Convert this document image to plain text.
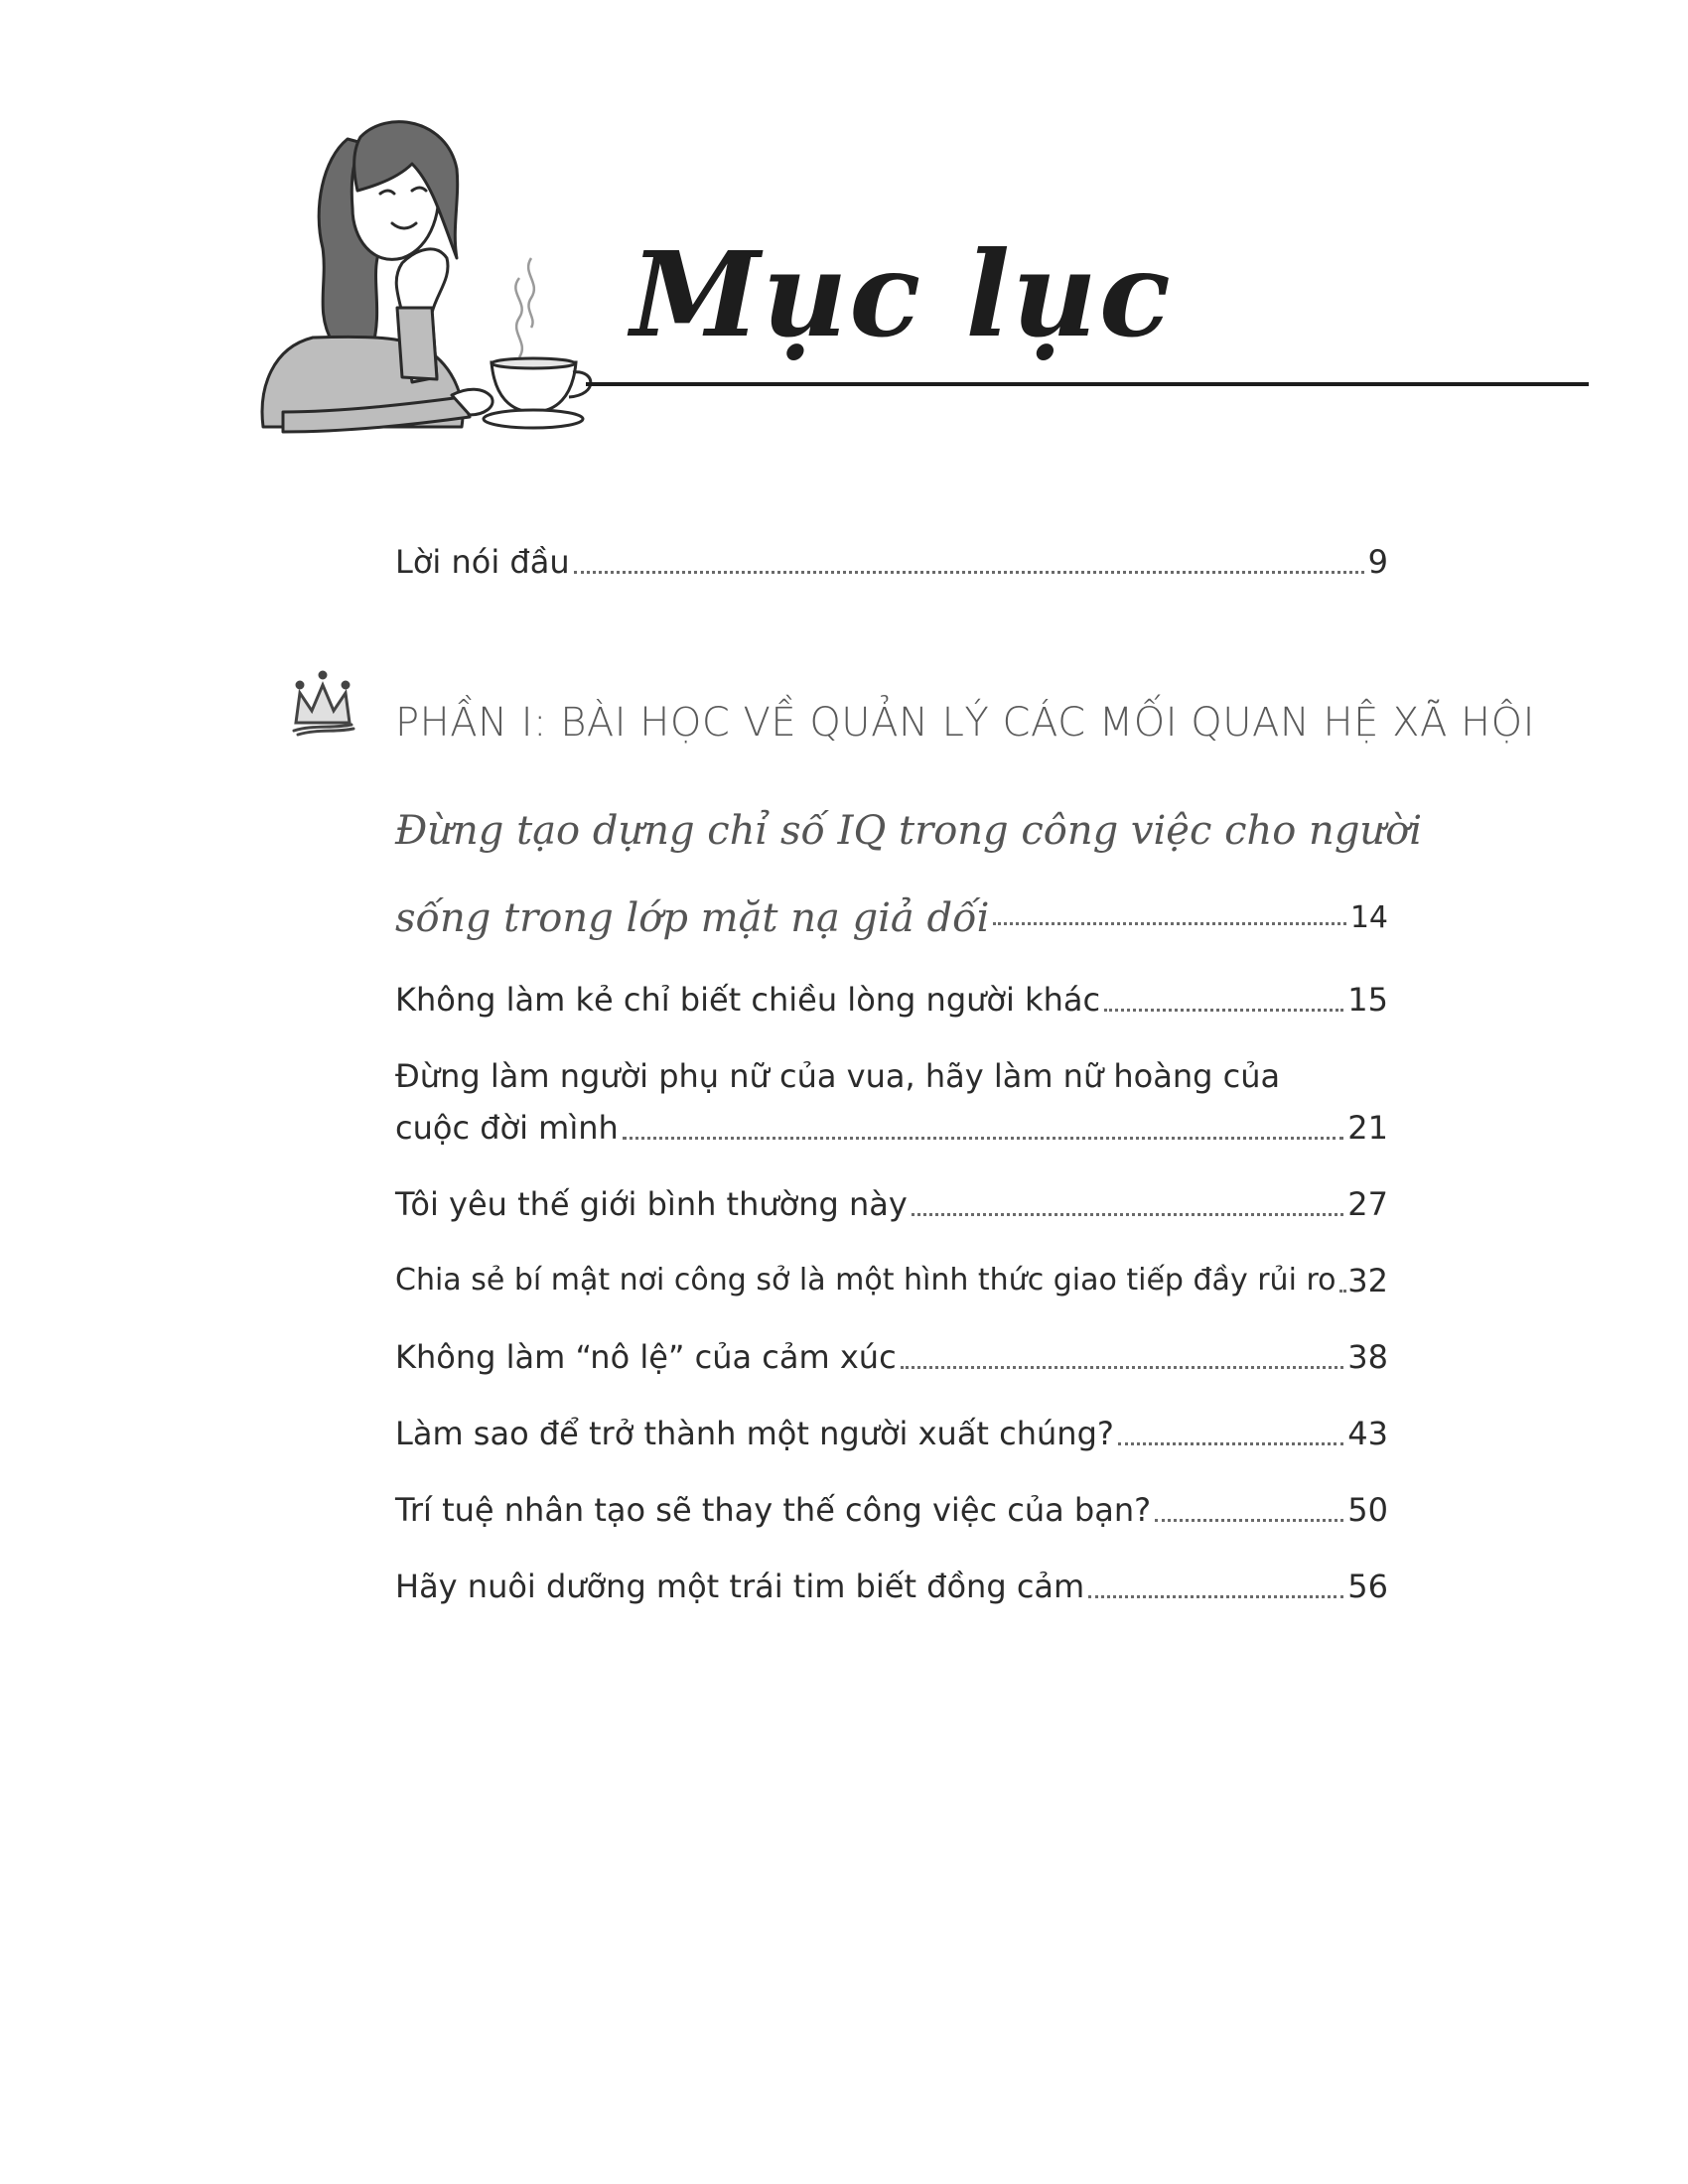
Mục lục
Lời nói đầu	9
PHẦN I: BÀI HỌC VỀ QUẢN LÝ CÁC MỐI QUAN HỆ XÃ HỘI
Đừng tạo dựng chỉ số IQ trong công việc cho người
sống trong lớp mặt nạ giả dối	14
Không làm kẻ chỉ biết chiều lòng người khác	15
Đừng làm người phụ nữ của vua, hãy làm nữ hoàng của
cuộc đời mình	21
Tôi yêu thế giới bình thường này	27
Chia sẻ bí mật nơi công sở là một hình thức giao tiếp đầy rủi ro 32
Không làm “nô lệ” của cảm xúc	38
Làm sao để trở thành một người xuất chúng?	43
Trí tuệ nhân tạo sẽ thay thế công việc của bạn?	50
Hãy nuôi dưỡng một trái tim biết đồng cảm	56
